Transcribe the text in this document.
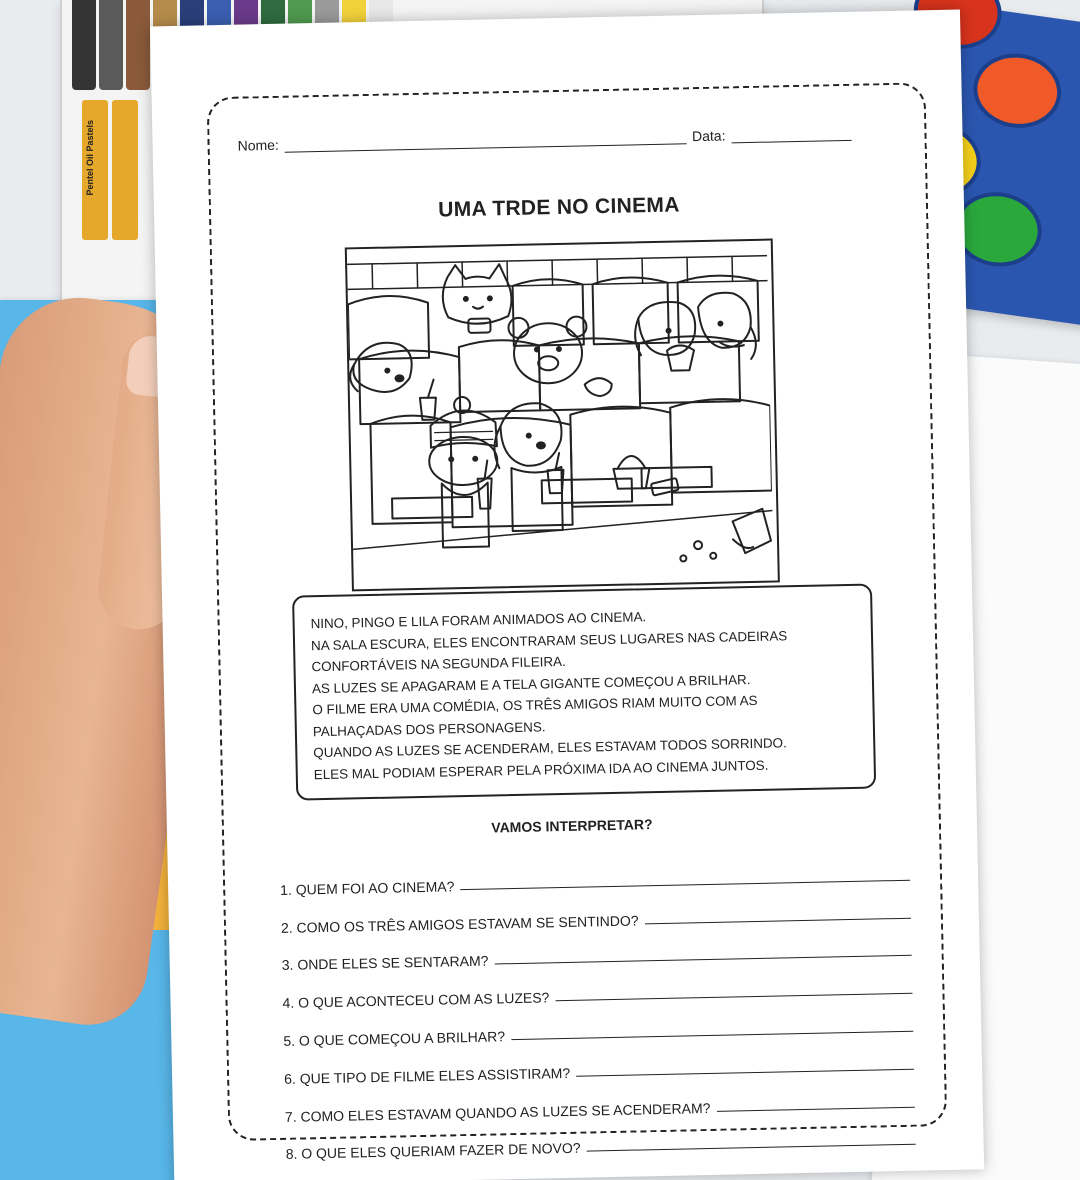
Pentel Oil Pastels	Nome:
Data:
UMA TRDE NO CINEMA

NINO, PINGO E LILA FORAM ANIMADOS AO CINEMA.

NA SALA ESCURA, ELES ENCONTRARAM SEUS LUGARES NAS CADEIRAS

CONFORTÁVEIS NA SEGUNDA FILEIRA.

AS LUZES SE APAGARAM E A TELA GIGANTE COMEÇOU A BRILHAR.

O FILME ERA UMA COMÉDIA, OS TRÊS AMIGOS RIAM MUITO COM AS

PALHAÇADAS DOS PERSONAGENS.

QUANDO AS LUZES SE ACENDERAM, ELES ESTAVAM TODOS SORRINDO.

ELES MAL PODIAM ESPERAR PELA PRÓXIMA IDA AO CINEMA JUNTOS.

VAMOS INTERPRETAR?
1. QUEM FOI AO CINEMA?
2. COMO OS TRÊS AMIGOS ESTAVAM SE SENTINDO?
3. ONDE ELES SE SENTARAM?
4. O QUE ACONTECEU COM AS LUZES?
5. O QUE COMEÇOU A BRILHAR?
6. QUE TIPO DE FILME ELES ASSISTIRAM?
7. COMO ELES ESTAVAM QUANDO AS LUZES SE ACENDERAM?
8. O QUE ELES QUERIAM FAZER DE NOVO?
